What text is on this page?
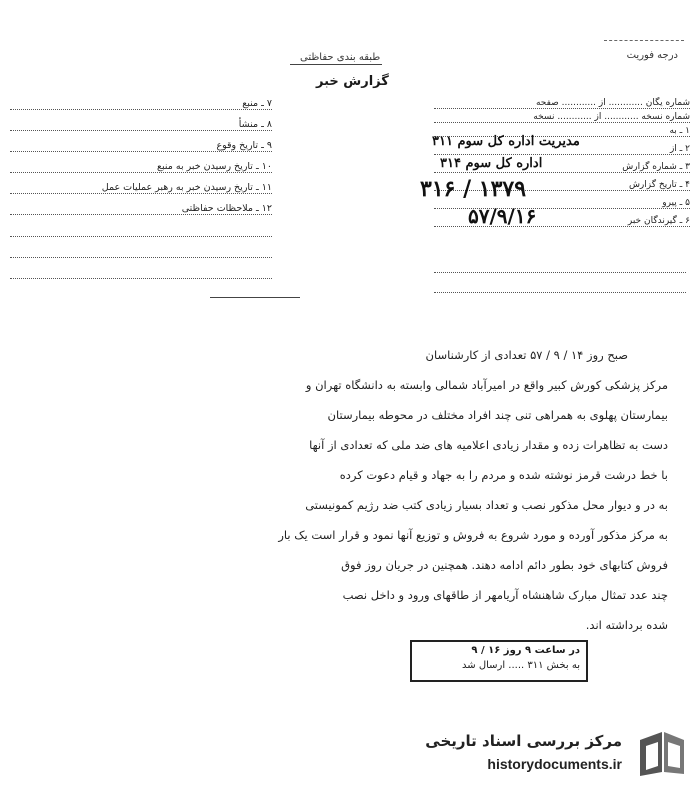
درجه فوریت
طبقه بندی حفاظتی
گزارش خبر
۷ ـ منبع
۸ ـ منشأ
۹ ـ تاریخ وقوع
۱۰ ـ تاریخ رسیدن خبر به منبع
۱۱ ـ تاریخ رسیدن خبر به رهبر عملیات عمل
۱۲ ـ ملاحظات حفاظتی
شماره یگان ............ از ............ صفحه
شماره نسخه ............ از ............ نسخه
۱ ـ به
۲ ـ از
۳ ـ شماره گزارش
۴ ـ تاریخ گزارش
۵ ـ پیرو
۶ ـ گیرندگان خبر
مدیریت اداره کل سوم ۳۱۱
اداره کل سوم ۳۱۴
۳۱۶ / ۱۳۷۹
۵۷/۹/۱۶
صبح روز ۱۴ / ۹ / ۵۷ تعدادی از کارشناسان
مرکز پزشکی کورش کبیر واقع در امیرآباد شمالی وابسته به دانشگاه تهران و
بیمارستان پهلوی به همراهی تنی چند افراد مختلف در محوطه بیمارستان
دست به تظاهرات زده و مقدار زیادی اعلامیه های ضد ملی که تعدادی از آنها
با خط درشت قرمز نوشته شده و مردم را به جهاد و قیام دعوت کرده
به در و دیوار محل مذکور نصب و تعداد بسیار زیادی کتب ضد رژیم کمونیستی
به مرکز مذکور آورده و مورد شروع به فروش و توزیع آنها نمود و قرار است یک بار
فروش کتابهای خود بطور دائم ادامه دهند. همچنین در جریان روز فوق
چند عدد تمثال مبارک شاهنشاه آریامهر از طاقهای ورود و داخل نصب
شده برداشته اند.
در ساعت ۹ روز ۱۶ / ۹
به بخش ۳۱۱ ..... ارسال شد
مرکز بررسی اسناد تاریخی
historydocuments.ir
